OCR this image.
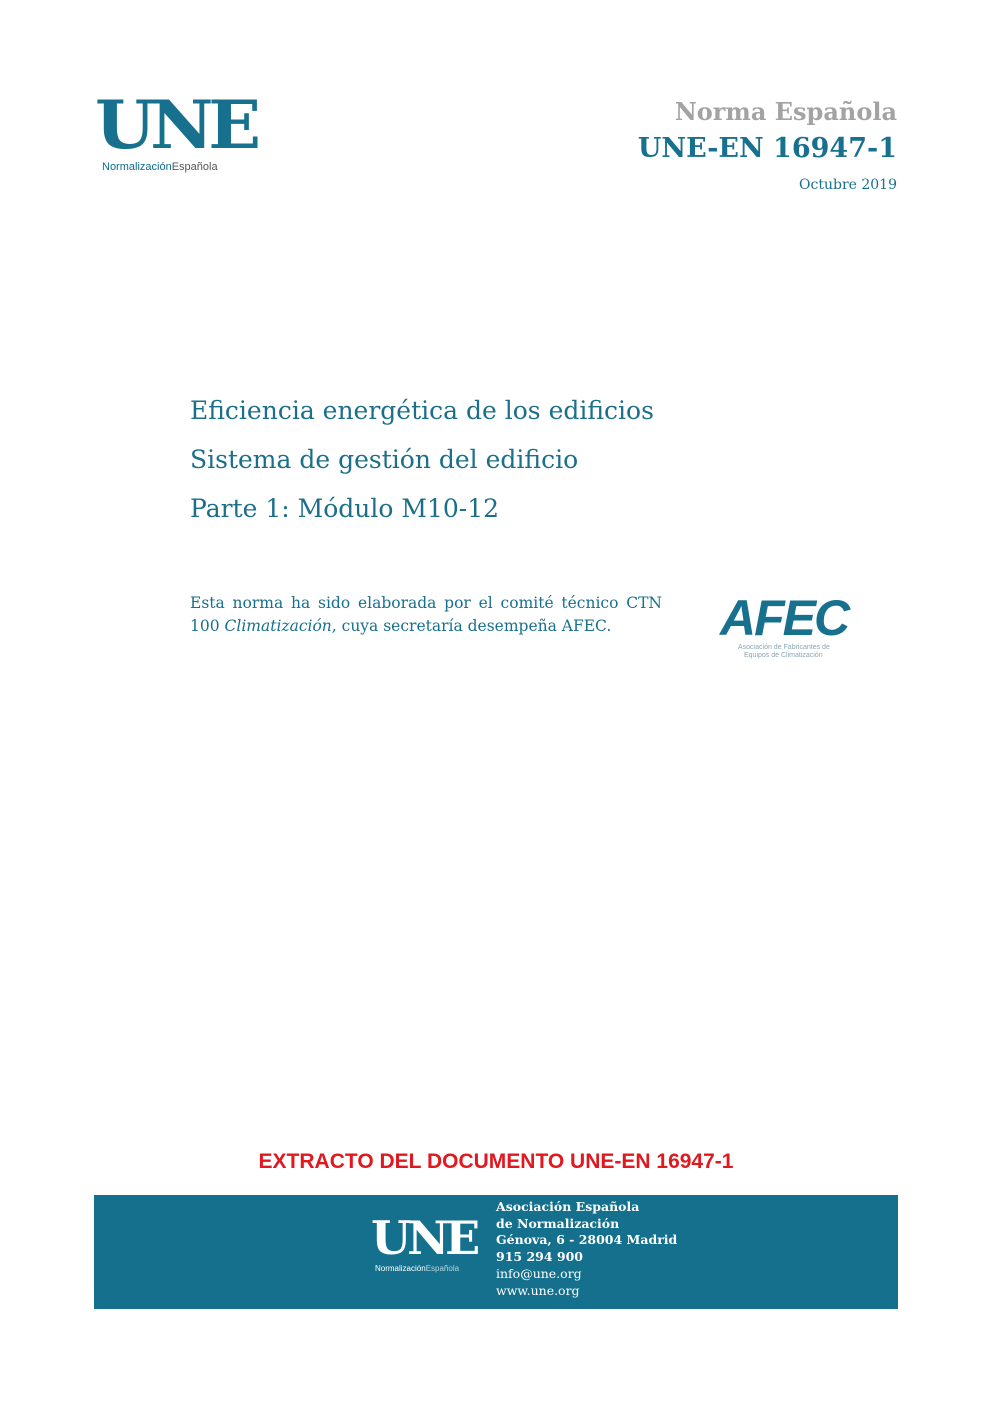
UNE
NormalizaciónEspañola
Norma Española
UNE-EN 16947-1
Octubre 2019
Eficiencia energética de los edificios
Sistema de gestión del edificio
Parte 1: Módulo M10-12
Esta norma ha sido elaborada por el comité técnico CTN 100 Climatización, cuya secretaría desempeña AFEC.	AFEC
Asociación de Fabricantes de
Equipos de Climatización
EXTRACTO DEL DOCUMENTO UNE-EN 16947-1
UNE
NormalizaciónEspañola
Asociación Española
de Normalización
Génova, 6 - 28004 Madrid
915 294 900
info@une.org
www.une.org
